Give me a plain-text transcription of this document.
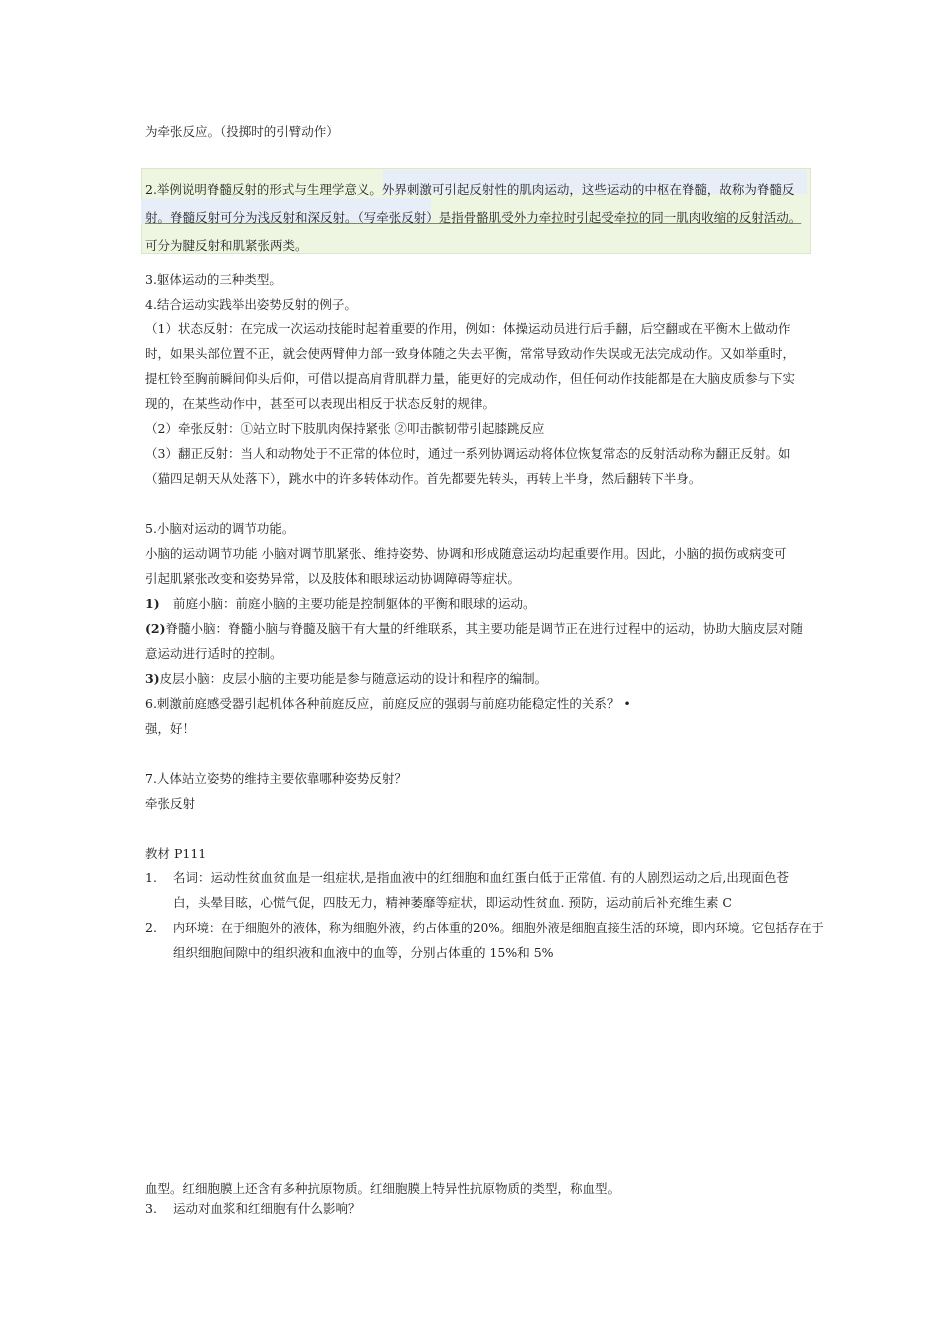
为牵张反应。（投掷时的引臂动作）
2.举例说明脊髓反射的形式与生理学意义。外界刺激可引起反射性的肌肉运动，这些运动的中枢在脊髓，故称为脊髓反
射。脊髓反射可分为浅反射和深反射。（写牵张反射）是指骨骼肌受外力牵拉时引起受牵拉的同一肌肉收缩的反射活动。
可分为腱反射和肌紧张两类。
3.躯体运动的三种类型。
4.结合运动实践举出姿势反射的例子。
（1）状态反射：在完成一次运动技能时起着重要的作用，例如：体操运动员进行后手翻，后空翻或在平衡木上做动作
时，如果头部位置不正，就会使两臂伸力部一致身体随之失去平衡，常常导致动作失误或无法完成动作。又如举重时，
提杠铃至胸前瞬间仰头后仰，可借以提高肩背肌群力量，能更好的完成动作，但任何动作技能都是在大脑皮质参与下实
现的，在某些动作中，甚至可以表现出相反于状态反射的规律。
（2）牵张反射：①站立时下肢肌肉保持紧张 ②叩击髌韧带引起膝跳反应
（3）翻正反射：当人和动物处于不正常的体位时，通过一系列协调运动将体位恢复常态的反射活动称为翻正反射。如
（猫四足朝天从处落下），跳水中的许多转体动作。首先都要先转头，再转上半身，然后翻转下半身。
5.小脑对运动的调节功能。
小脑的运动调节功能 小脑对调节肌紧张、维持姿势、协调和形成随意运动均起重要作用。因此，小脑的损伤或病变可
引起肌紧张改变和姿势异常，以及肢体和眼球运动协调障碍等症状。
1) 前庭小脑：前庭小脑的主要功能是控制躯体的平衡和眼球的运动。
(2)脊髓小脑：脊髓小脑与脊髓及脑干有大量的纤维联系，其主要功能是调节正在进行过程中的运动，协助大脑皮层对随
意运动进行适时的控制。
3)皮层小脑：皮层小脑的主要功能是参与随意运动的设计和程序的编制。
6.刺激前庭感受器引起机体各种前庭反应，前庭反应的强弱与前庭功能稳定性的关系？ •
强，好！
7.人体站立姿势的维持主要依靠哪种姿势反射？
牵张反射
教材 P111
1. 名词：运动性贫血贫血是一组症状,是指血液中的红细胞和血红蛋白低于正常值. 有的人剧烈运动之后,出现面色苍
白，头晕目眩，心慌气促，四肢无力，精神萎靡等症状，即运动性贫血. 预防，运动前后补充维生素 C
2. 内环境：在于细胞外的液体，称为细胞外液，约占体重的20%。细胞外液是细胞直接生活的环境，即内环境。它包括存在于
组织细胞间隙中的组织液和血液中的血等，分别占体重的 15%和 5%
血型。红细胞膜上还含有多种抗原物质。红细胞膜上特异性抗原物质的类型，称血型。
3. 运动对血浆和红细胞有什么影响？
